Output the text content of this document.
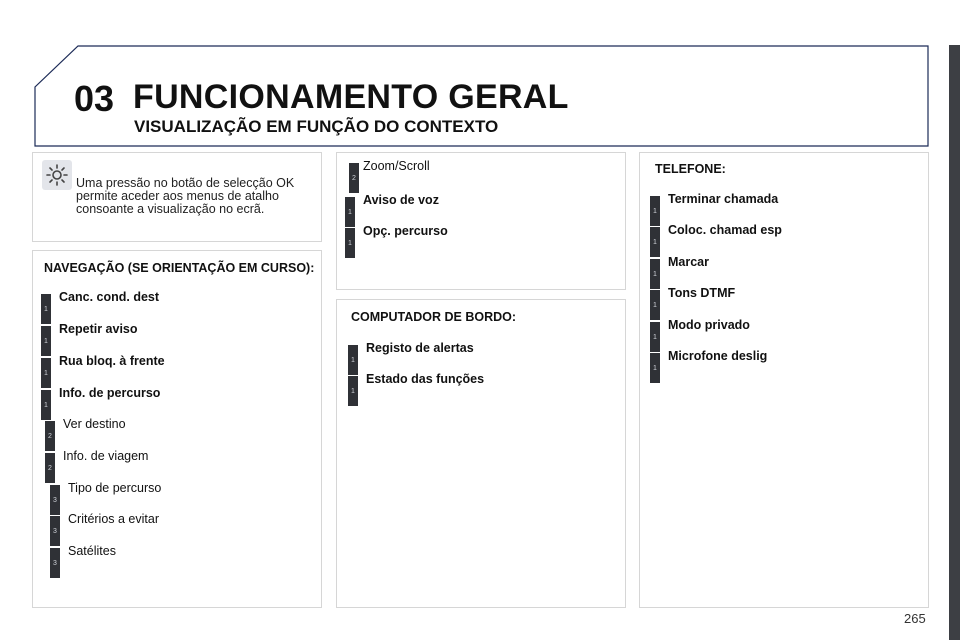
03 FUNCIONAMENTO GERAL
VISUALIZAÇÃO EM FUNÇÃO DO CONTEXTO
Uma pressão no botão de selecção OK permite aceder aos menus de atalho consoante a visualização no ecrã.
NAVEGAÇÃO (SE ORIENTAÇÃO EM CURSO):
1
Canc. cond. dest
1
Repetir aviso
1
Rua bloq. à frente
1
Info. de percurso
2
Ver destino
2
Info. de viagem
3
Tipo de percurso
3
Critérios a evitar
3
Satélites
2
Zoom/Scroll
1
Aviso de voz
1
Opç. percurso
COMPUTADOR DE BORDO:
1
Registo de alertas
1
Estado das funções
TELEFONE:
1
Terminar chamada
1
Coloc. chamad esp
1
Marcar
1
Tons DTMF
1
Modo privado
1
Microfone deslig
265
